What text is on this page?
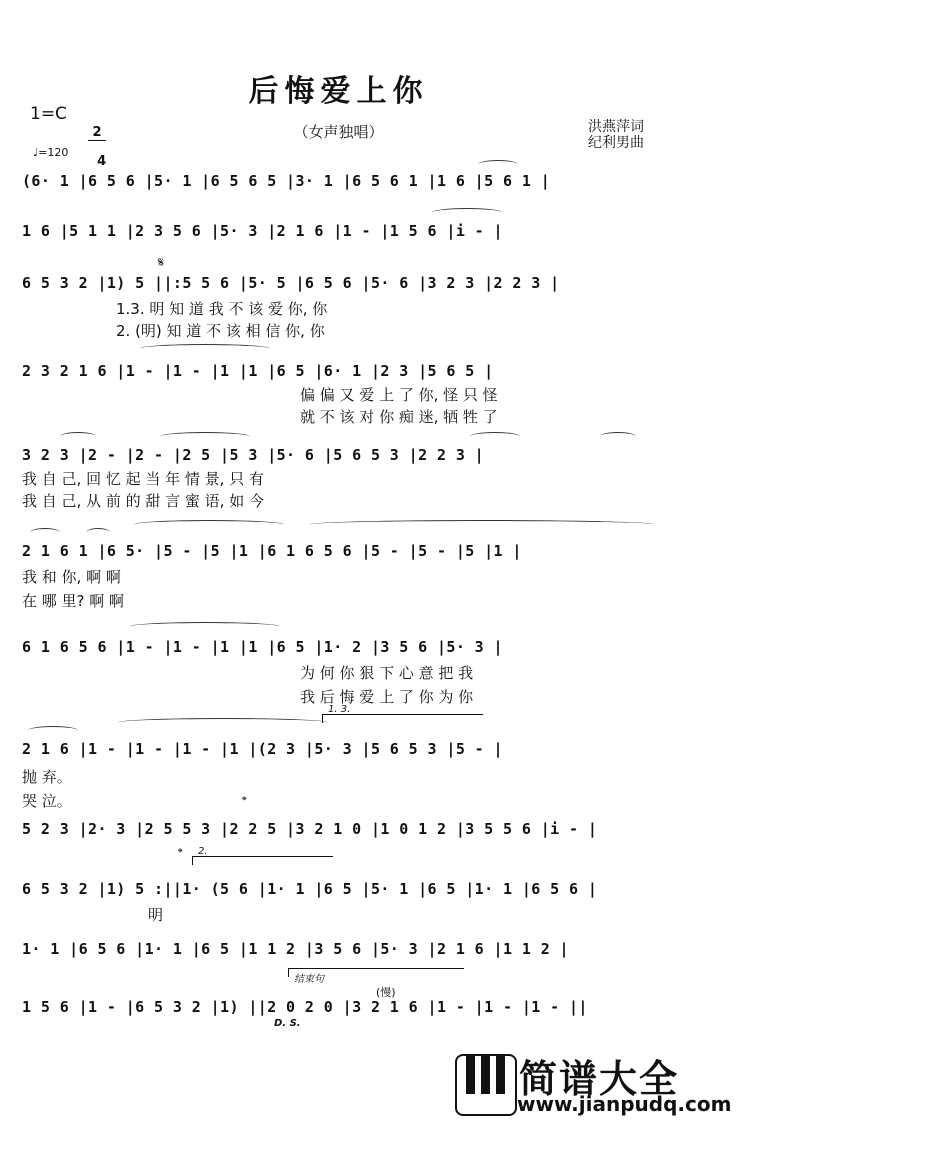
后悔爱上你
1=C

2

4

（女声独唱）	洪燕萍词
纪利男曲
♩=120
(6· 1 |6 5 6 |5· 1 |6 5 6 5 |3· 1 |6 5 6 1 |1 6 |5 6 1 |
1 6 |5 1 1 |2 3 5 6 |5· 3 |2 1 6 |1 - |1 5 6 |i - |
6 5 3 2 |1) 5 ||:5 5 6 |5· 5 |6 5 6 |5· 6 |3 2 3 |2 2 3 |
𝄋
1.3. 明 知 道 我 不 该 爱 你, 你
2. (明) 知 道 不 该 相 信 你, 你
2 3 2 1 6 |1 - |1 - |1 |1 |6 5 |6· 1 |2 3 |5 6 5 |
偏 偏 又 爱 上 了 你, 怪 只 怪
就 不 该 对 你 痴 迷, 牺 牲 了
3 2 3 |2 - |2 - |2 5 |5 3 |5· 6 |5 6 5 3 |2 2 3 |
我 自 己, 回 忆 起 当 年 情 景, 只 有
我 自 己, 从 前 的 甜 言 蜜 语, 如 今
2 1 6 1 |6 5· |5 - |5 |1 |6 1 6 5 6 |5 - |5 - |5 |1 |
我 和 你, 啊 啊
在 哪 里? 啊 啊
6 1 6 5 6 |1 - |1 - |1 |1 |6 5 |1· 2 |3 5 6 |5· 3 |
为 何 你 狠 下 心 意 把 我
我 后 悔 爱 上 了 你 为 你
1. 3.
2 1 6 |1 - |1 - |1 - |1 |(2 3 |5· 3 |5 6 5 3 |5 - |
抛 弃。
哭 泣。	𝄌
5 2 3 |2· 3 |2 5 5 3 |2 2 5 |3 2 1 0 |1 0 1 2 |3 5 5 6 |i - |
𝄌 2.
6 5 3 2 |1) 5 :||1· (5 6 |1· 1 |6 5 |5· 1 |6 5 |1· 1 |6 5 6 |
明
1· 1 |6 5 6 |1· 1 |6 5 |1 1 2 |3 5 6 |5· 3 |2 1 6 |1 1 2 |
结束句
(慢)
1 5 6 |1 - |6 5 3 2 |1) ||2 0 2 0 |3 2 1 6 |1 - |1 - |1 - ||
D. S.

简谱大全

www.jianpudq.com
